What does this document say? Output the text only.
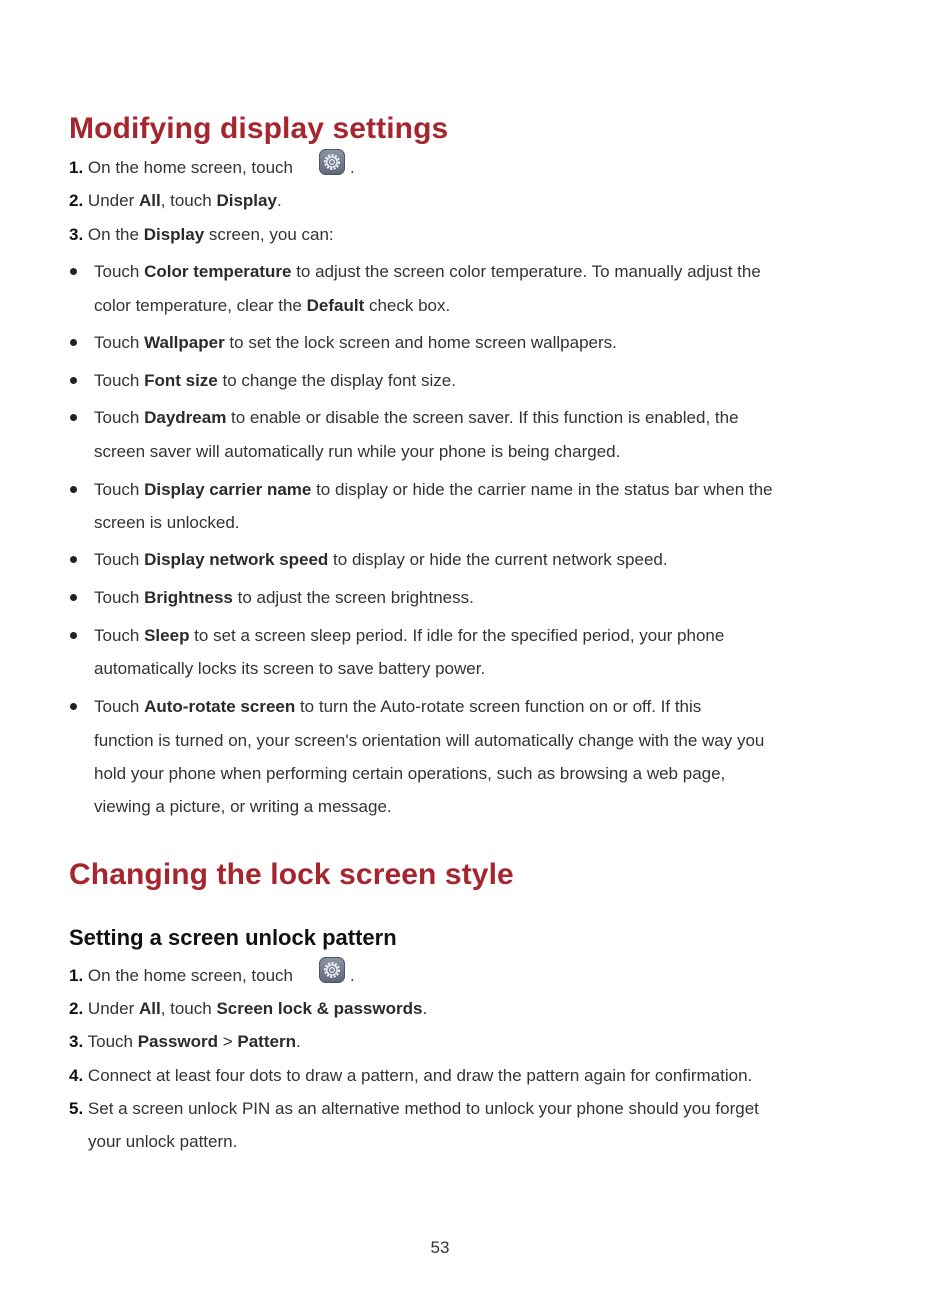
Modifying display settings

1. On the home screen, touch	.

2. Under All, touch Display.

3. On the Display screen, you can:

Touch Color temperature to adjust the screen color temperature. To manually adjust the

color temperature, clear the Default check box.

Touch Wallpaper to set the lock screen and home screen wallpapers.

Touch Font size to change the display font size.

Touch Daydream to enable or disable the screen saver. If this function is enabled, the

screen saver will automatically run while your phone is being charged.

Touch Display carrier name to display or hide the carrier name in the status bar when the

screen is unlocked.

Touch Display network speed to display or hide the current network speed.

Touch Brightness to adjust the screen brightness.

Touch Sleep to set a screen sleep period. If idle for the specified period, your phone

automatically locks its screen to save battery power.

Touch Auto-rotate screen to turn the Auto-rotate screen function on or off. If this

function is turned on, your screen's orientation will automatically change with the way you

hold your phone when performing certain operations, such as browsing a web page,

viewing a picture, or writing a message.

Changing the lock screen style
Setting a screen unlock pattern

1. On the home screen, touch	.

2. Under All, touch Screen lock & passwords.

3. Touch Password > Pattern.

4. Connect at least four dots to draw a pattern, and draw the pattern again for confirmation.

5. Set a screen unlock PIN as an alternative method to unlock your phone should you forget

your unlock pattern.

53
